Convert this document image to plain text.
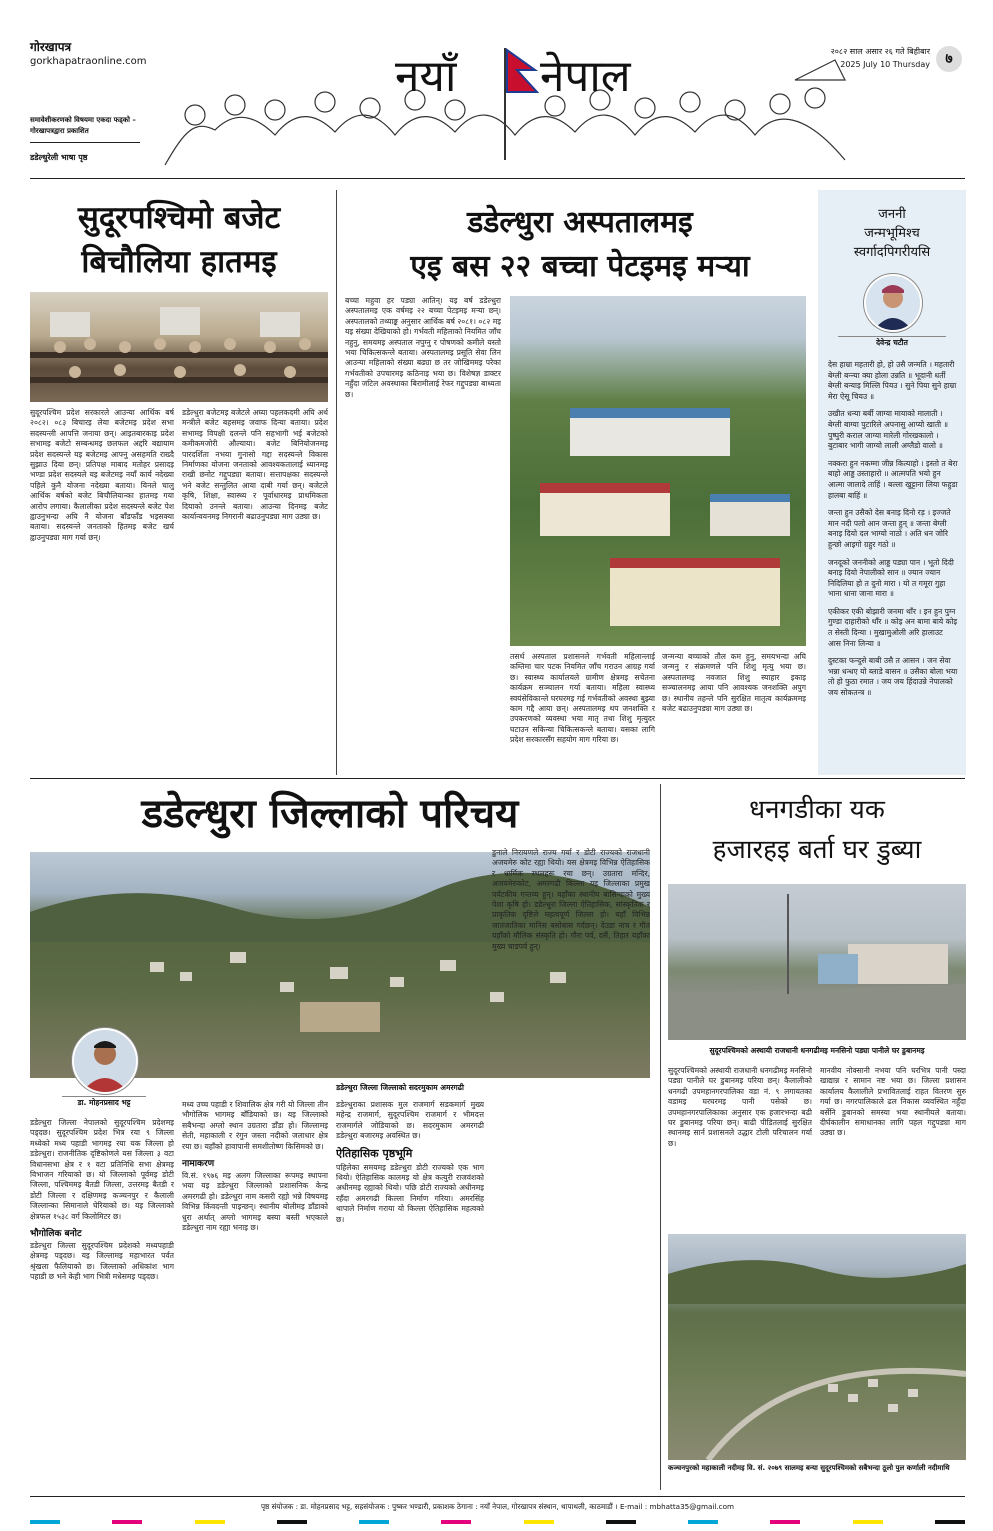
गोरखापत्र
gorkhapatraonline.com
समावेशीकरणको विषयमा एकदा फड्को –
गोरखापत्रद्वारा प्रकाशित
डडेल्धुरेली भाषा पृष्ठ
नयाँ नेपाल	२०८२ साल असार २६ गते बिहीबार
2025 July 10 Thursday	७
सुदूरपश्चिमो बजेट
बिचौलिया हातमइ
सुदूरपश्चिम प्रदेश सरकारले आउन्या आर्थिक बर्ष २०८२। ०८३ बिचारइ लेया बजेटमइ प्रदेश सभा सदस्यन्ली आपत्ति जनाया छन्। आइतबारकाइ प्रदेश सभामइ बजेटो सम्बन्धमइ छलफल अद्दरि बद्यायाम प्रदेश सदस्यन्ले यइ बजेटमइ आफ्नु असहमति राख्दै सुझाउ दिया छन्। प्रतिपक्ष माबाद मतोहर प्रसादइ भण्डा प्रदेश सदस्यले यइ बजेटमइ नयाँ कार्य नदेख्या पहिले कुनै योजना नदेख्या बताया। यिनले चालु आर्थिक बर्षको बजेट बिचौलियान्का हातमइ गया आरोप लगाया। कैलालीका प्रदेश सदस्यन्ले बजेट पेश ह्वाउनुभन्दा अघि नै योजना बाँडफाँड भइसक्या बताया। सदस्यन्ले जनताको हितमइ बजेट खर्च ह्वाउनुपड्या माग गर्या छन्।
डडेल्धुरा बजेटमइ बजेटले अघ्या पहलकदमी अघि अर्थ मन्त्रीले बजेट बहसमइ जवाफ दिन्या बताया। प्रदेश सभामइ विपक्षी दलन्ले पनि सहभागी भई बजेटको कमीकमजोरी औल्याया। बजेट बिनियोजनमइ पारदर्शिता नभया गुनासो गद्दा सदस्यन्ले विकास निर्माणका योजना जनताको आवश्यकतालाई ध्यानमइ राखी छनोट गद्दुपड्या बताया। सत्तापक्षका सदस्यन्ले भने बजेट सन्तुलित आया दाबी गर्या छन्। बजेटले कृषि, शिक्षा, स्वास्थ्य र पूर्वाधारमइ प्राथमिकता दियाको उनन्ले बताया। आउन्या दिनमइ बजेट कार्यान्वयनमइ निगरानी बढाउनुपड्या माग उठ्या छ।
डडेल्धुरा अस्पतालमइ
एइ बस २२ बच्चा पेटइमइ मऱ्या
बच्चा महुवा हर पड्या आतिन्। यइ बर्ष डडेल्धुरा अस्पतालमइ एक वर्षमइ २२ बच्चा पेटइमइ मऱ्या छन्। अस्पतालको तथ्याङ्क अनुसार आर्थिक बर्ष २०८१। ०८२ मइ यइ संख्या देखियाको हो। गर्भवती महिलाको नियमित जाँच नहुनु, समयमइ अस्पताल नपुग्नु र पोषणको कमीले यस्तो भया चिकित्सकन्ले बताया। अस्पतालमइ प्रसूति सेवा लिन आउन्या महिलाको संख्या बढ्या छ तर जोखिममइ परेका गर्भवतीको उपचारमइ कठिनाइ भया छ। विशेषज्ञ डाक्टर नहुँदा जटिल अवस्थाका बिरामीलाई रेफर गद्दुपड्या बाध्यता छ।
तसर्थ अस्पताल प्रशासनले गर्भवती महिलान्लाई कम्तिमा चार पटक नियमित जाँच गराउन आग्रह गर्या छ। स्वास्थ्य कार्यालयले ग्रामीण क्षेत्रमइ सचेतना कार्यक्रम सञ्चालन गर्या बताया। महिला स्वास्थ्य स्वयंसेविकान्ले घरघरमइ गई गर्भवतीको अवस्था बुझ्या काम गद्दै आया छन्। अस्पतालमइ थप जनशक्ति र उपकरणको व्यवस्था भया मातृ तथा शिशु मृत्युदर घटाउन सकिन्या चिकित्सकन्ले बताया। यसका लागि प्रदेश सरकारसँग सहयोग माग गरिया छ।
जन्मन्या बच्चाको तौल कम हुनु, समयभन्दा अघि जन्मनु र संक्रमणले पनि शिशु मृत्यु भया छ। अस्पतालमइ नवजात शिशु स्याहार इकाइ सञ्चालनमइ आया पनि आवश्यक जनशक्ति अपुग छ। स्थानीय तहन्ले पनि सुरक्षित मातृत्व कार्यक्रममइ बजेट बढाउनुपड्या माग उठ्या छ।
जननी
जन्मभूमिश्च
स्वर्गादपिगरीयसि
देवेन्द्र चटौत

देस हाम्रा महतारी हो, हो उसै जन्मति । महतारी बेग्ली बन्न्या क्या होला उन्नति ॥ भूदानी धर्ती बेग्ली बन्याइ मिल्लि पियउ । सुने पिया सुने हाम्रा मेरा ऐसू चियउ ॥

उखीत धन्या बर्बी जाग्या मायाको मालाती । बेग्ली बाग्या पुटारिले अपनासु आप्यो खाती ॥ पुष्पुरी कराल जाग्या मारेली गोरखकालो । बुटाबार भागी जाग्यो लाली अग्लैडो वालो ॥

नक्करा हुन नकम्मा जीन्न कित्याहो । इस्तो त बेरा बाहो आड्ड उस्ताहारो ॥ आत्मपति भयो हुन आत्मा जालादे ताहिं । बल्ला खुट्टाना लिया फहुडा हालबा बाहिं ॥

जन्ता हुन उसैको देस बनाइ दिनो रड़ । इज्जते मान नदी पलो आन जन्ता हुन् ॥ जन्ता बेग्ली बनाइ दियो दल भाग्यो नाठो । अति धन जोरि हुन्छो आइगो ग्रहुर गठो ॥

जनदूको जननीको आड्ड पड्या पान । भूतो दिदी बनाइ दियो नेपालीको सान ॥ ज्यान ज्यान निदिलिया हो त दुनो मारा । यो त गमूरा गुहा भाना धाना जाना मारा ॥

एकीकर एकी बोझारी जनमा थाँर । इन हुन पुग्न गुण्डा दाहारीको थाँर ॥ कोइ अन बामा बाये कोइ त सेस्ती दिन्या । मुखामुओली अरि हालाउट आस निना लिन्या ॥

दुस्टका फन्दुसे बाबी उसै त आसन । जन सेवा भन्ना धन्धए यो ब्लाडे बासन ॥ उसैका बोला भया तो हो फुठा रमात । जय जय हिंदाउन्ने नेपालको जय सोकतन्त्र ॥

डडेल्धुरा जिल्लाको परिचय
डडेल्धुरा जिल्ला जिल्लाको सदरमुकाम अमरगढी
डा. मोहनप्रसाद भट्ट
डडेल्धुरा जिल्ला नेपालको सुदूरपश्चिम प्रदेशमइ पड्दछ। सुदूरपश्चिम प्रदेश भित्र रया ९ जिल्ला मध्येको मध्य पहाडी भागमइ रया यक जिल्ला हो डडेल्धुरा। राजनीतिक दृष्टिकोणले यस जिल्ला ३ वटा विधानसभा क्षेत्र र १ वटा प्रतिनिधि सभा क्षेत्रमइ विभाजन गरियाको छ। यो जिल्लाको पूर्वमइ डोटी जिल्ला, पश्चिममइ बैतडी जिल्ला, उत्तरमइ बैतडी र डोटी जिल्ला र दक्षिणमइ कञ्चनपुर र कैलाली जिल्लान्का सिमानाले घेरियाको छ। यइ जिल्लाको क्षेत्रफल १५३८ वर्ग किलोमिटर छ।
भौगोलिक बनोट
डडेल्धुरा जिल्ला सुदूरपश्चिम प्रदेशको मध्यपहाडी क्षेत्रमइ पड्दछ। यइ जिल्लामइ महाभारत पर्वत श्रृंखला फैलियाको छ। जिल्लाको अधिकांश भाग पहाडी छ भने केही भाग भित्री मधेसमइ पड्दछ।
मध्य उच्च पहाडी र शिवालिक क्षेत्र गरी यो जिल्ला तीन भौगोलिक भागमइ बाँडियाको छ। यइ जिल्लाको सबैभन्दा अग्लो स्थान उग्रतारा डाँडा हो। जिल्लामइ सेती, महाकाली र रंगुन जस्ता नदीको जलाधार क्षेत्र रया छ। यहाँको हावापानी समशीतोष्ण किसिमको छ।
नामाकरण
वि.सं. १९७६ मइ अलग जिल्लाका रूपमइ स्थापना भया यइ डडेल्धुरा जिल्लाको प्रशासनिक केन्द्र अमरगढी हो। डडेल्धुरा नाम कसरी रह्यो भन्ने विषयमइ विभिन्न किंवदन्ती पाइन्छन्। स्थानीय बोलीमइ डाँडाको धुरा अर्थात् अग्लो भागमइ बस्या बस्ती भएकाले डडेल्धुरा नाम रह्या भनाइ छ।
डडेल्धुराका प्रशासक मुल राजमार्ग सडकमार्ग मुख्य महेन्द्र राजमार्ग, सुदूरपश्चिम राजमार्ग र भीमदत्त राजमार्गले जोडियाको छ। सदरमुकाम अमरगढी डडेल्धुरा बजारमइ अवस्थित छ।
ऐतिहासिक पृष्ठभूमि
पहिलेका समयमइ डडेल्धुरा डोटी राज्यको एक भाग थियो। ऐतिहासिक कालमइ यो क्षेत्र कत्युरी राजवंशको अधीनमइ रह्याको थियो। पछि डोटी राज्यको अधीनमइ रहँदा अमरगढी किल्ला निर्माण गरिया। अमरसिंह थापाले निर्माण गराया यो किल्ला ऐतिहासिक महत्वको छ।
डुनाले निरायणले राज्य गर्या र डोटी राज्यको राजधानी अजयमेरु कोट रह्या थियो। यस क्षेत्रमइ विभिन्न ऐतिहासिक र धार्मिक स्थलहरू रया छन्। उग्रतारा मन्दिर, अजयमेरुकोट, अमरगढी किल्ला यइ जिल्लाका प्रमुख पर्यटकीय गन्तव्य हुन्। यहाँका स्थानीय बासिन्दाको मुख्य पेशा कृषि हो। डडेल्धुरा जिल्ला ऐतिहासिक, सांस्कृतिक र प्राकृतिक दृष्टिले महत्वपूर्ण जिल्ला हो। यहाँ विभिन्न जातजातिका मानिस बसोबास गर्दछन्। देउडा नाच र गीत यहाँको मौलिक संस्कृति हो। गौरा पर्व, दसैं, तिहार यहाँका मुख्य चाडपर्व हुन्।
धनगडीका यक
हजारहइ बर्ता घर डुब्या
सुदूरपश्चिमको अस्थायी राजधानी धनगढीमइ मनसिनो पड्या पानीले घर डुबानमइ
सुदूरपश्चिमको अस्थायी राजधानी धनगढीमइ मनसिनो पड्या पानीले घर डुबानमइ परिया छन्। कैलालीको धनगढी उपमहानगरपालिका वडा नं. ९ लगायतका वडामइ घरघरमइ पानी पसेको छ। उपमहानगरपालिकाका अनुसार एक हजारभन्दा बढी घर डुबानमइ परिया छन्। बाढी पीडितलाई सुरक्षित स्थानमइ सार्न प्रशासनले उद्धार टोली परिचालन गर्या छ।
मानवीय नोक्सानी नभया पनि घरभित्र पानी पस्दा खाद्यान्न र सामान नष्ट भया छ। जिल्ला प्रशासन कार्यालय कैलालीले प्रभावितलाई राहत वितरण सुरु गर्या छ। नगरपालिकाले ढल निकास व्यवस्थित नहुँदा बर्सेनि डुबानको समस्या भया स्थानीयले बताया। दीर्घकालीन समाधानका लागि पहल गद्दुपड्या माग उठ्या छ।
कञ्चनपुरको महाकाली नदीमइ वि. सं. २०७९ सालमइ बन्या सुदूरपश्चिमको सबैभन्दा ठूलो पुल कर्णाली नदीमाथि
पृष्ठ संयोजक : डा. मोहनप्रसाद भट्ट, सहसंयोजक : पुष्कर भण्डारी, प्रकाशक ठेगाना : नयाँ नेपाल, गोरखापत्र संस्थान, थापाथली, काठमाडौं । E-mail : mbhatta35@gmail.com
